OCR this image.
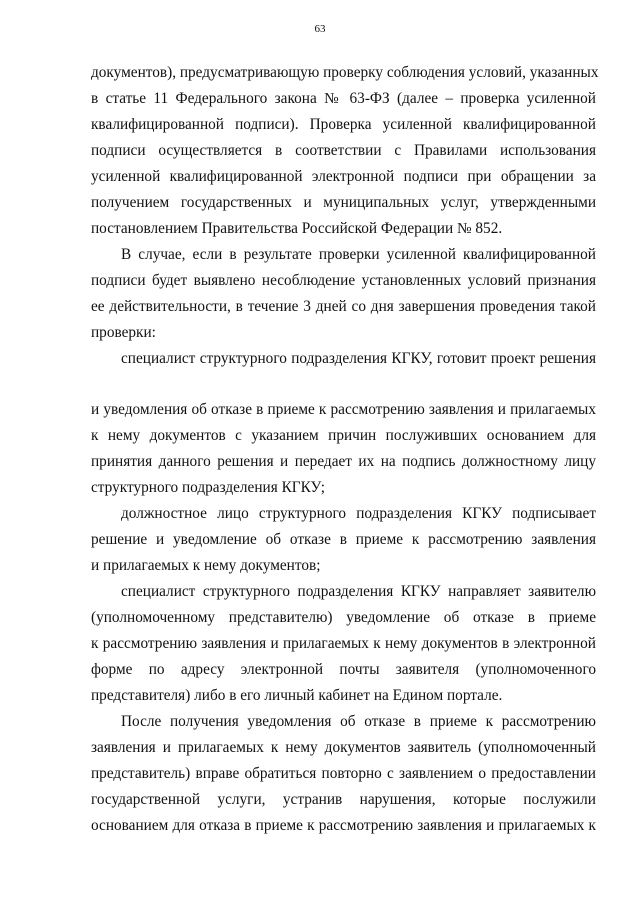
63
документов), предусматривающую проверку соблюдения условий, указанных
в статье 11 Федерального закона № 63-ФЗ (далее – проверка усиленной
квалифицированной подписи). Проверка усиленной квалифицированной
подписи осуществляется в соответствии с Правилами использования
усиленной квалифицированной электронной подписи при обращении за
получением государственных и муниципальных услуг, утвержденными
постановлением Правительства Российской Федерации № 852.
В случае, если в результате проверки усиленной квалифицированной
подписи будет выявлено несоблюдение установленных условий признания
ее действительности, в течение 3 дней со дня завершения проведения такой
проверки:
специалист структурного подразделения КГКУ, готовит проект решения
и уведомления об отказе в приеме к рассмотрению заявления и прилагаемых
к нему документов с указанием причин послуживших основанием для
принятия данного решения и передает их на подпись должностному лицу
структурного подразделения КГКУ;
должностное лицо структурного подразделения КГКУ подписывает
решение и уведомление об отказе в приеме к рассмотрению заявления
и прилагаемых к нему документов;
специалист структурного подразделения КГКУ направляет заявителю
(уполномоченному представителю) уведомление об отказе в приеме
к рассмотрению заявления и прилагаемых к нему документов в электронной
форме по адресу электронной почты заявителя (уполномоченного
представителя) либо в его личный кабинет на Едином портале.
После получения уведомления об отказе в приеме к рассмотрению
заявления и прилагаемых к нему документов заявитель (уполномоченный
представитель) вправе обратиться повторно с заявлением о предоставлении
государственной услуги, устранив нарушения, которые послужили
основанием для отказа в приеме к рассмотрению заявления и прилагаемых к
